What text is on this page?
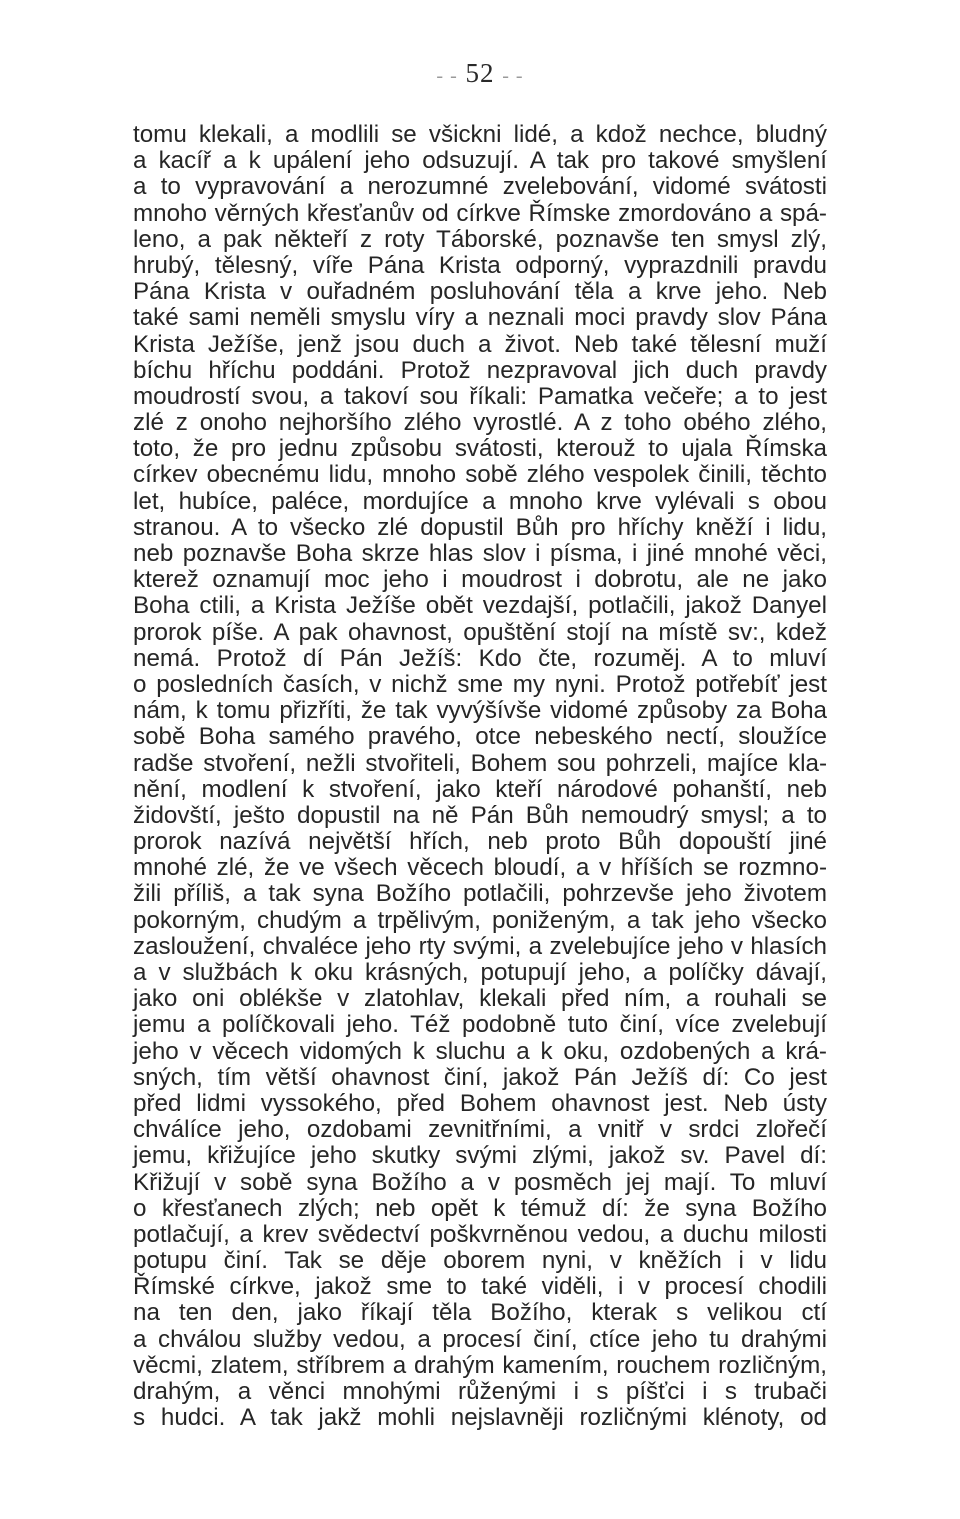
- - 52 - -
tomu klekali, a modlili se všickni lidé, a kdož nechce, bludný
a kacíř a k upálení jeho odsuzují. A tak pro takové smyšlení
a to vypravování a nerozumné zvelebování, vidomé svátosti
mnoho věrných křesťanův od církve Římske zmordováno a spá-
leno, a pak někteří z roty Táborské, poznavše ten smysl zlý,
hrubý, tělesný, víře Pána Krista odporný, vyprazdnili pravdu
Pána Krista v ouřadném posluhování těla a krve jeho. Neb
také sami neměli smyslu víry a neznali moci pravdy slov Pána
Krista Ježíše, jenž jsou duch a život. Neb také tělesní muží
bíchu hříchu poddáni. Protož nezpravoval jich duch pravdy
moudrostí svou, a takoví sou říkali: Pamatka večeře; a to jest
zlé z onoho nejhoršího zlého vyrostlé. A z toho obého zlého,
toto, že pro jednu způsobu svátosti, kterouž to ujala Římska
církev obecnému lidu, mnoho sobě zlého vespolek činili, těchto
let, hubíce, paléce, mordujíce a mnoho krve vylévali s obou
stranou. A to všecko zlé dopustil Bůh pro hříchy kněží i lidu,
neb poznavše Boha skrze hlas slov i písma, i jiné mnohé věci,
kterež oznamují moc jeho i moudrost i dobrotu, ale ne jako
Boha ctili, a Krista Ježíše obět vezdajší, potlačili, jakož Danyel
prorok píše. A pak ohavnost, opuštění stojí na místě sv:, kdež
nemá. Protož dí Pán Ježíš: Kdo čte, rozuměj. A to mluví
o posledních časích, v nichž sme my nyni. Protož potřebíť jest
nám, k tomu přizříti, že tak vyvýšívše vidomé způsoby za Boha
sobě Boha samého pravého, otce nebeského nectí, sloužíce
radše stvoření, nežli stvořiteli, Bohem sou pohrzeli, majíce kla-
nění, modlení k stvoření, jako kteří národové pohanští, neb
židovští, ješto dopustil na ně Pán Bůh nemoudrý smysl; a to
prorok nazívá největší hřích, neb proto Bůh dopouští jiné
mnohé zlé, že ve všech věcech bloudí, a v hříších se rozmno-
žili příliš, a tak syna Božího potlačili, pohrzevše jeho životem
pokorným, chudým a trpělivým, poniženým, a tak jeho všecko
zasloužení, chvaléce jeho rty svými, a zvelebujíce jeho v hlasích
a v službách k oku krásných, potupují jeho, a políčky dávají,
jako oni oblékše v zlatohlav, klekali před ním, a rouhali se
jemu a políčkovali jeho. Též podobně tuto činí, více zvelebují
jeho v věcech vidomých k sluchu a k oku, ozdobených a krá-
sných, tím větší ohavnost činí, jakož Pán Ježíš dí: Co jest
před lidmi vyssokého, před Bohem ohavnost jest. Neb ústy
chválíce jeho, ozdobami zevnitřními, a vnitř v srdci zlořečí
jemu, křižujíce jeho skutky svými zlými, jakož sv. Pavel dí:
Křižují v sobě syna Božího a v posměch jej mají. To mluví
o křesťanech zlých; neb opět k témuž dí: že syna Božího
potlačují, a krev svědectví poškvrněnou vedou, a duchu milosti
potupu činí. Tak se děje oborem nyni, v kněžích i v lidu
Římské církve, jakož sme to také viděli, i v procesí chodili
na ten den, jako říkají těla Božího, kterak s velikou ctí
a chválou služby vedou, a procesí činí, ctíce jeho tu drahými
věcmi, zlatem, stříbrem a drahým kamením, rouchem rozličným,
drahým, a věnci mnohými růženými i s píšťci i s trubači
s hudci. A tak jakž mohli nejslavněji rozličnými klénoty, od
